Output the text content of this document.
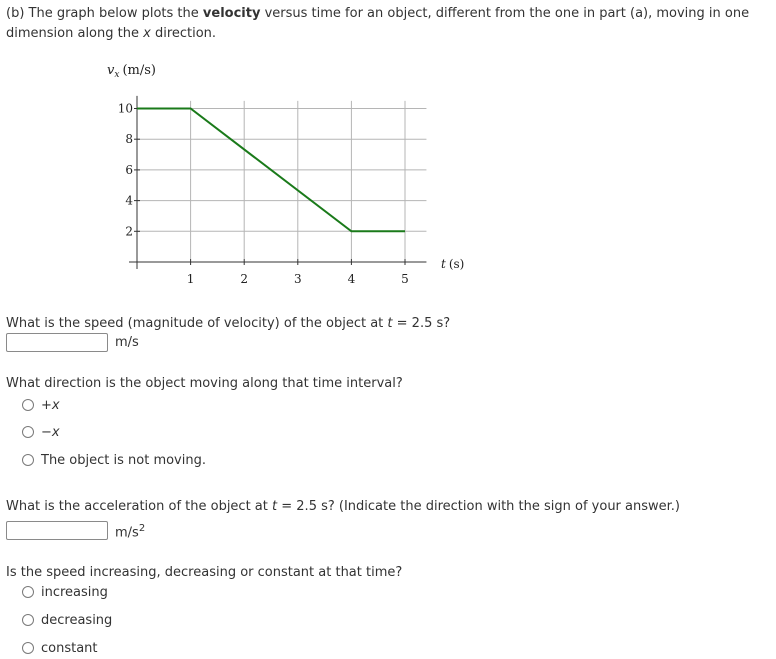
(b) The graph below plots the velocity versus time for an object, different from the one in part (a), moving in one dimension along the x direction.
2
4
6
8
10
1	2	3	4	5
$v_x$ (m/s)
t (s)
What is the speed (magnitude of velocity) of the object at t = 2.5 s?
m/s
What direction is the object moving along that time interval?
+x
−x
The object is not moving.
What is the acceleration of the object at t = 2.5 s? (Indicate the direction with the sign of your answer.)
$m/s^2$
Is the speed increasing, decreasing or constant at that time?
increasing
decreasing
constant
